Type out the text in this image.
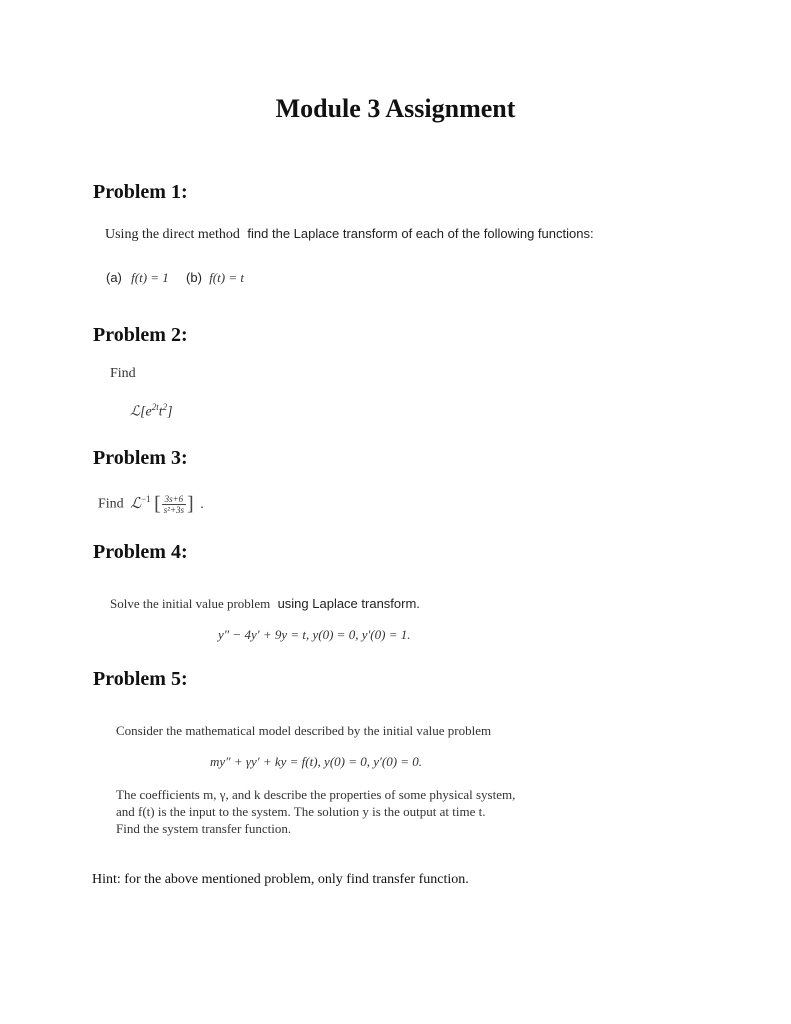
Module 3 Assignment
Problem 1:
Using the direct method find the Laplace transform of each of the following functions:
(a) f(t) = 1 (b) f(t) = t
Problem 2:
Find
$ℒ[e^{2t}t^2]$
Problem 3:
Find ℒ$^{-1}$ [ $\frac{3s+6}{\text{s²+3s}}$ ] .
Problem 4:
Solve the initial value problem using Laplace transform.
y″ − 4y′ + 9y = t, y(0) = 0, y′(0) = 1.
Problem 5:
Consider the mathematical model described by the initial value problem
my″ + γy′ + ky = f(t), y(0) = 0, y′(0) = 0.
The coefficients m, γ, and k describe the properties of some physical system,
and f(t) is the input to the system. The solution y is the output at time t.
Find the system transfer function.
Hint: for the above mentioned problem, only find transfer function.
